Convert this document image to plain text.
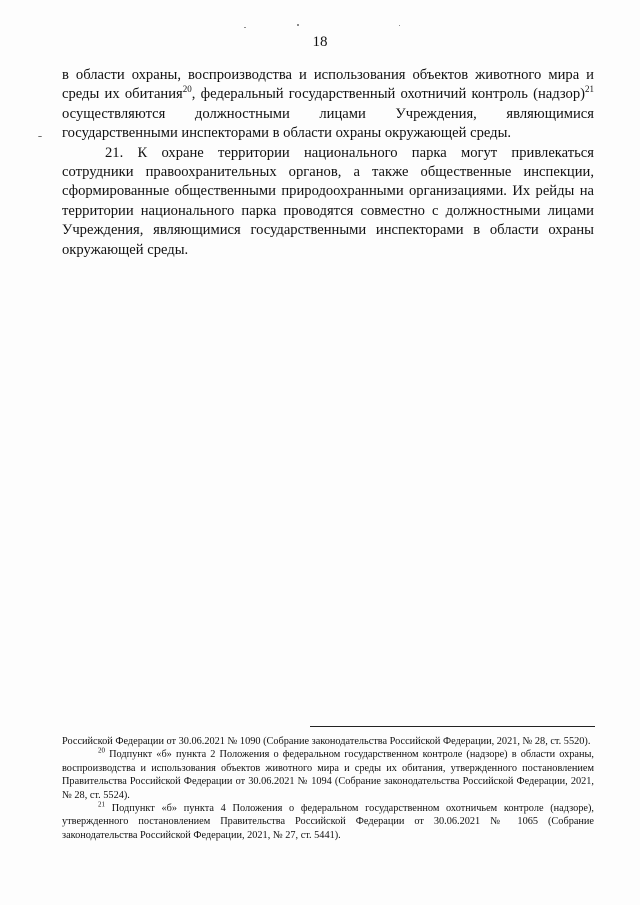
18

в области охраны, воспроизводства и использования объектов животного мира и среды их обитания$^{20}$, федеральный государственный охотничий контроль (надзор)$^{21}$ осуществляются должностными лицами Учреждения, являющимися государственными инспекторами в области охраны окружающей среды.

21. К охране территории национального парка могут привлекаться сотрудники правоохранительных органов, а также общественные инспекции, сформированные общественными природоохранными организациями. Их рейды на территории национального парка проводятся совместно с должностными лицами Учреждения, являющимися государственными инспекторами в области охраны окружающей среды.

Российской Федерации от 30.06.2021 № 1090 (Собрание законодательства Российской Федерации, 2021, № 28, ст. 5520).

$^{20}$ Подпункт «б» пункта 2 Положения о федеральном государственном контроле (надзоре) в области охраны, воспроизводства и использования объектов животного мира и среды их обитания, утвержденного постановлением Правительства Российской Федерации от 30.06.2021 № 1094 (Собрание законодательства Российской Федерации, 2021, № 28, ст. 5524).

$^{21}$ Подпункт «б» пункта 4 Положения о федеральном государственном охотничьем контроле (надзоре), утвержденного постановлением Правительства Российской Федерации от 30.06.2021 № 1065 (Собрание законодательства Российской Федерации, 2021, № 27, ст. 5441).
